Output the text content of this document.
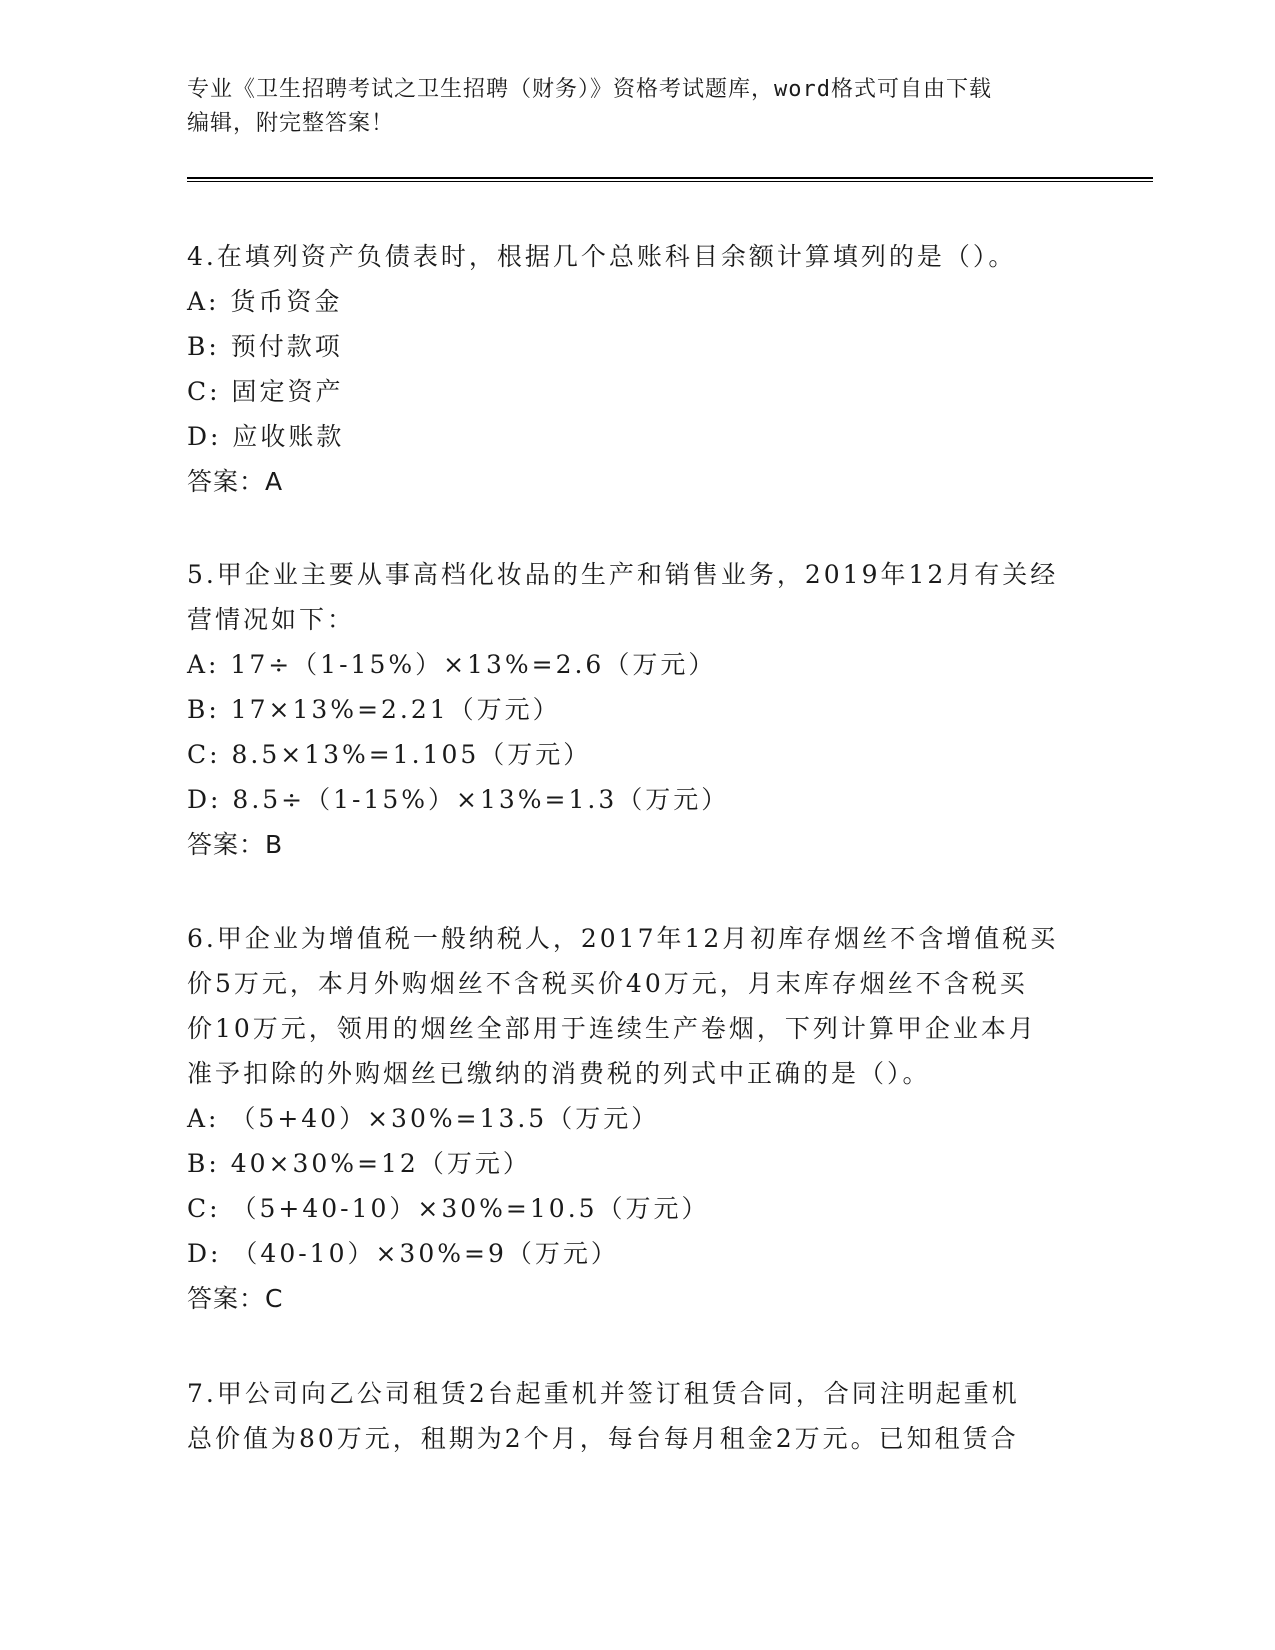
专业《卫生招聘考试之卫生招聘（财务）》资格考试题库，word格式可自由下载
编辑，附完整答案！
4.在填列资产负债表时，根据几个总账科目余额计算填列的是（）。
A: 货币资金
B: 预付款项
C: 固定资产
D: 应收账款
答案：A
5.甲企业主要从事高档化妆品的生产和销售业务，2019年12月有关经
营情况如下：
A: 17÷（1-15%）×13%=2.6（万元）
B: 17×13%=2.21（万元）
C: 8.5×13%=1.105（万元）
D: 8.5÷（1-15%）×13%=1.3（万元）
答案：B
6.甲企业为增值税一般纳税人，2017年12月初库存烟丝不含增值税买
价5万元，本月外购烟丝不含税买价40万元，月末库存烟丝不含税买
价10万元，领用的烟丝全部用于连续生产卷烟，下列计算甲企业本月
准予扣除的外购烟丝已缴纳的消费税的列式中正确的是（）。
A: （5+40）×30%=13.5（万元）
B: 40×30%=12（万元）
C: （5+40-10）×30%=10.5（万元）
D: （40-10）×30%=9（万元）
答案：C
7.甲公司向乙公司租赁2台起重机并签订租赁合同，合同注明起重机
总价值为80万元，租期为2个月，每台每月租金2万元。已知租赁合
